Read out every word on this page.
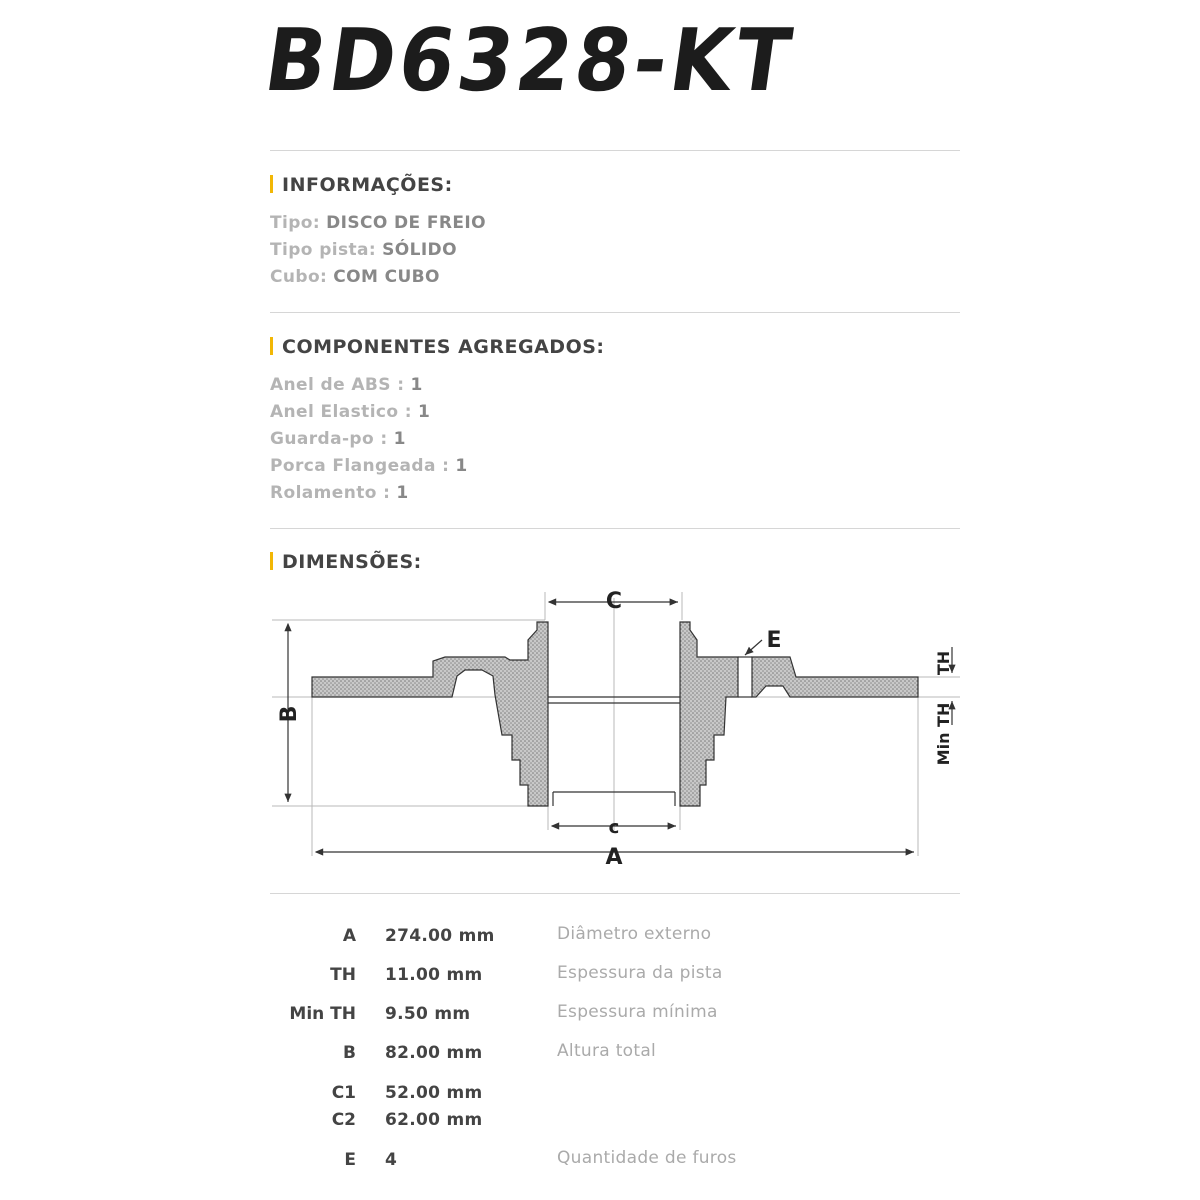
BD6328-KT
INFORMAÇÕES:
Tipo: DISCO DE FREIO
Tipo pista: SÓLIDO
Cubo: COM CUBO
COMPONENTES AGREGADOS:
Anel de ABS : 1
Anel Elastico : 1
Guarda-po : 1
Porca Flangeada : 1
Rolamento : 1
DIMENSÕES:
C
c
E
A
B
TH
Min TH
A 274.00 mm	Diâmetro externo
TH 11.00 mm	Espessura da pista
Min TH 9.50 mm	Espessura mínima
B 82.00 mm	Altura total
C1 52.00 mm
C2 62.00 mm
E 4	Quantidade de furos
